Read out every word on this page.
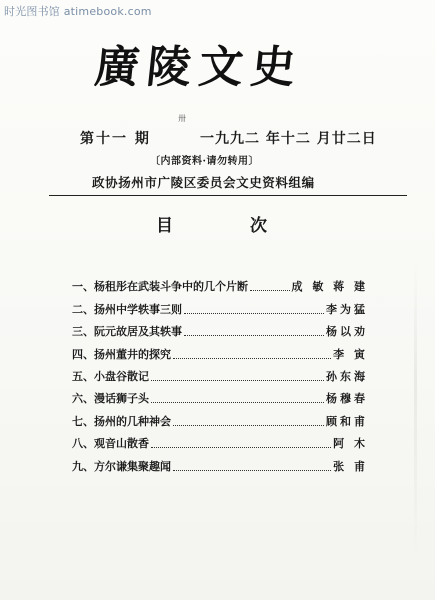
时光图书馆 atimebook.com
廣陵文史
卅
第十一 期	一九九二 年十二 月廿二日
〔内部资料·请勿转用〕
政协扬州市广陵区委员会文史资料组编
目	次
一、 杨租彤在武装斗争中的几个片断	成 敏 蒋 建
二、 扬州中学轶事三则	李为猛
三、 阮元故居及其轶事	杨以劝
四、 扬州董井的探究	李 寅
五、 小盘谷散记	孙东海
六、 漫话狮子头	杨穆春
七、 扬州的几种神会	顾和甫
八、 观音山散香	阿 木
九、 方尔谦集聚趣闻	张 甫
